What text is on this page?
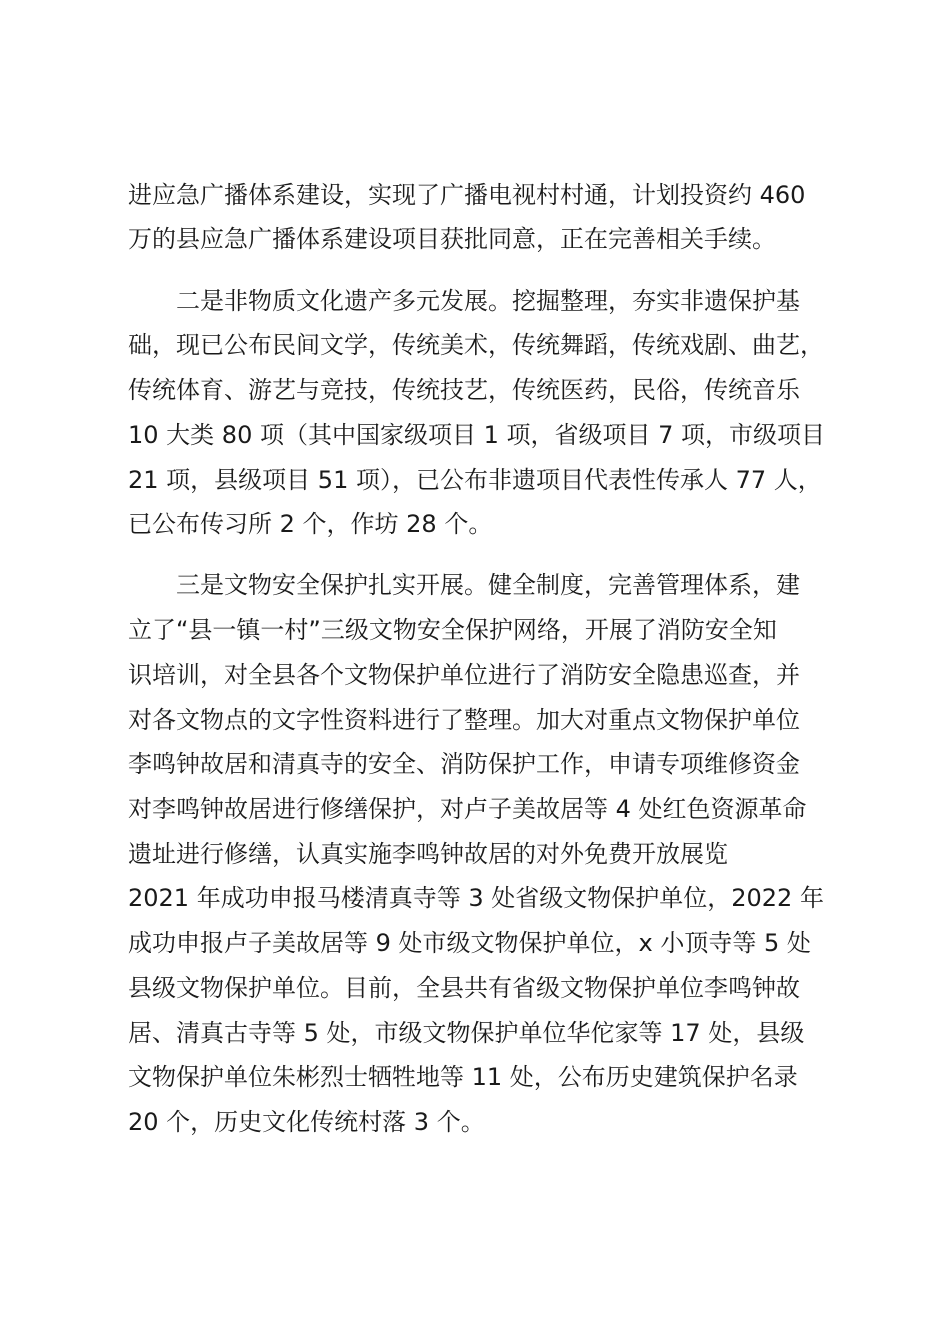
进应急广播体系建设，实现了广播电视村村通，计划投资约 460
万的县应急广播体系建设项目获批同意，正在完善相关手续。
二是非物质文化遗产多元发展。挖掘整理，夯实非遗保护基
础，现已公布民间文学，传统美术，传统舞蹈，传统戏剧、曲艺，
传统体育、游艺与竞技，传统技艺，传统医药，民俗，传统音乐
10 大类 80 项（其中国家级项目 1 项，省级项目 7 项，市级项目
21 项，县级项目 51 项），已公布非遗项目代表性传承人 77 人，
已公布传习所 2 个，作坊 28 个。
三是文物安全保护扎实开展。健全制度，完善管理体系，建
立了“县一镇一村”三级文物安全保护网络，开展了消防安全知
识培训，对全县各个文物保护单位进行了消防安全隐患巡查，并
对各文物点的文字性资料进行了整理。加大对重点文物保护单位
李鸣钟故居和清真寺的安全、消防保护工作，申请专项维修资金
对李鸣钟故居进行修缮保护，对卢子美故居等 4 处红色资源革命
遗址进行修缮，认真实施李鸣钟故居的对外免费开放展览
2021 年成功申报马楼清真寺等 3 处省级文物保护单位，2022 年
成功申报卢子美故居等 9 处市级文物保护单位，x 小顶寺等 5 处
县级文物保护单位。目前，全县共有省级文物保护单位李鸣钟故
居、清真古寺等 5 处，市级文物保护单位华佗家等 17 处，县级
文物保护单位朱彬烈士牺牲地等 11 处，公布历史建筑保护名录
20 个，历史文化传统村落 3 个。
